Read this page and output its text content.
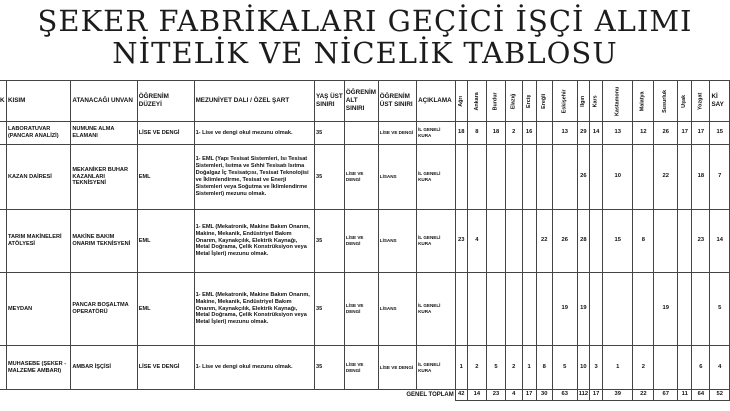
ŞEKER FABRİKALARI GEÇİCİ İŞÇİ ALIMI
NİTELİK VE NİCELİK TABLOSU
K	KISIM	ATANACAĞI UNVAN	ÖĞRENİM DÜZEYİ	MEZUNİYET DALI / ÖZEL ŞART	YAŞ ÜST SINIRI	ÖĞRENİM ALT SINIRI	ÖĞRENİM ÜST SINIRI	AÇIKLAMA	Ağrı	Ankara	Burdur	Elazığ	Erciş	Ereğli	Eskişehir	Ilgın	Kars	Kastamonu	Malatya	Susurluk	Uşak	Yozgat	Kİ SAY
	LABORATUVAR (PANCAR ANALİZİ)	NUMUNE ALMA ELAMANI	LİSE VE DENGİ	1- Lise ve dengi okul mezunu olmak.	35		LİSE VE DENGİ	İL GENELİ KURA	18	8	18	2	16		13	29	14	13	12	26	17	17	15
	KAZAN DAİRESİ	MEKANİKER BUHAR KAZANLARI TEKNİSYENİ	EML	1- EML (Yapı Tesisat Sistemleri, Isı Tesisat Sistemleri, Isıtma ve Sıhhi Tesisatı Isıtma Doğalgaz İç Tesisatçısı, Tesisat Teknolojisi ve İklimlendirme, Tesisat ve Enerji Sistemleri veya Soğutma ve İklimlendirme Sistemleri) mezunu olmak.	35	LİSE VE DENGİ	LİSANS	İL GENELİ KURA								26		10		22		18	7
	TARIM MAKİNELERİ ATÖLYESİ	MAKİNE BAKIM ONARIM TEKNİSYENİ	EML	1- EML (Mekatronik, Makine Bakım Onarım, Makine, Mekanik, Endüstriyel Bakım Onarım, Kaynakçılık, Elektrik Kaynağı, Metal Doğrama, Çelik Konstrüksiyon veya Metal İşleri) mezunu olmak.	35	LİSE VE DENGİ	LİSANS	İL GENELİ KURA	23	4				22	26	28		15	8			23	14
	MEYDAN	PANCAR BOŞALTMA OPERATÖRÜ	EML	1- EML (Mekatronik, Makine Bakım Onarım, Makine, Mekanik, Endüstriyel Bakım Onarım, Kaynakçılık, Elektrik Kaynağı, Metal Doğrama, Çelik Konstrüksiyon veya Metal İşleri) mezunu olmak.	35	LİSE VE DENGİ	LİSANS	İL GENELİ KURA							19	19				19			5
	MUHASEBE (ŞEKER - MALZEME AMBARI)	AMBAR İŞÇİSİ	LİSE VE DENGİ	1- Lise ve dengi okul mezunu olmak.	35	LİSE VE DENGİ	LİSE VE DENGİ	İL GENELİ KURA	1	2	5	2	1	8	5	10	3	1	2			6	4
GENEL TOPLAM									42	14	23	4	17	30	63	112	17	39	22	67	11	64	52
